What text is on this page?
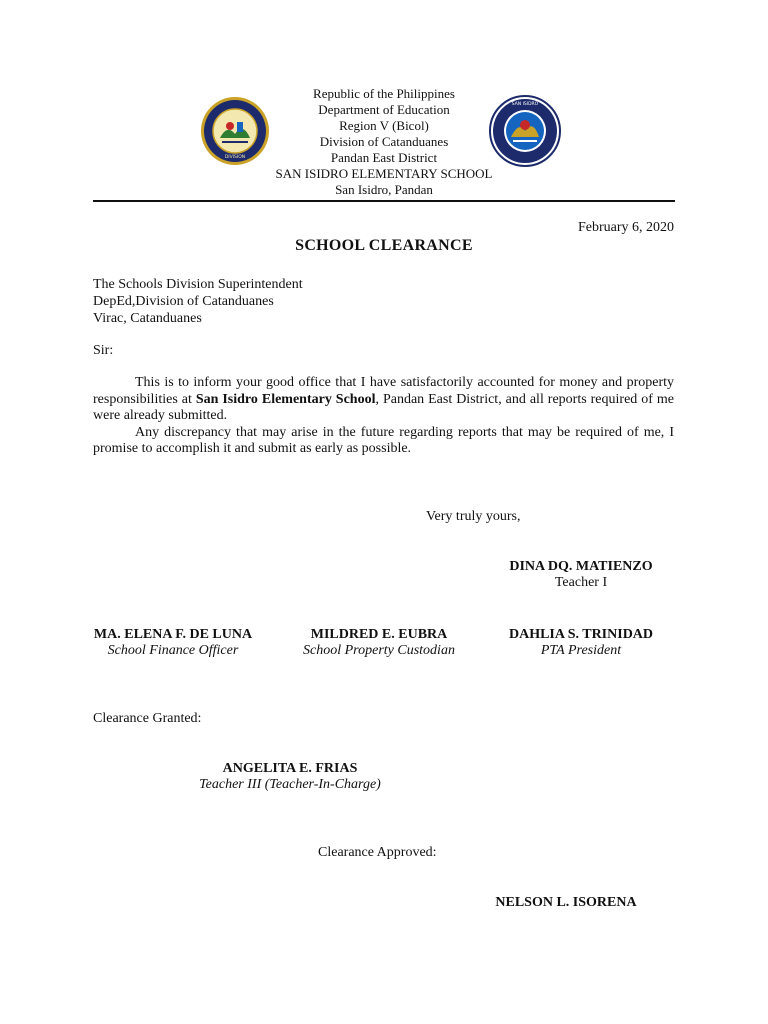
DIVISION
SAN ISIDRO
Republic of the Philippines
Department of Education
Region V (Bicol)
Division of Catanduanes
Pandan East District
SAN ISIDRO ELEMENTARY SCHOOL
San Isidro, Pandan
February 6, 2020
SCHOOL CLEARANCE
The Schools Division Superintendent
DepEd,Division of Catanduanes
Virac, Catanduanes
Sir:

This is to inform your good office that I have satisfactorily accounted for money and property responsibilities at San Isidro Elementary School, Pandan East District, and all reports required of me were already submitted.

Any discrepancy that may arise in the future regarding reports that may be required of me, I promise to accomplish it and submit as early as possible.

Very truly yours,
DINA DQ. MATIENZO
Teacher I
MA. ELENA F. DE LUNA
School Finance Officer
MILDRED E. EUBRA
School Property Custodian
DAHLIA S. TRINIDAD
PTA President
Clearance Granted:
ANGELITA E. FRIAS
Teacher III (Teacher-In-Charge)
Clearance Approved:
NELSON L. ISORENA
